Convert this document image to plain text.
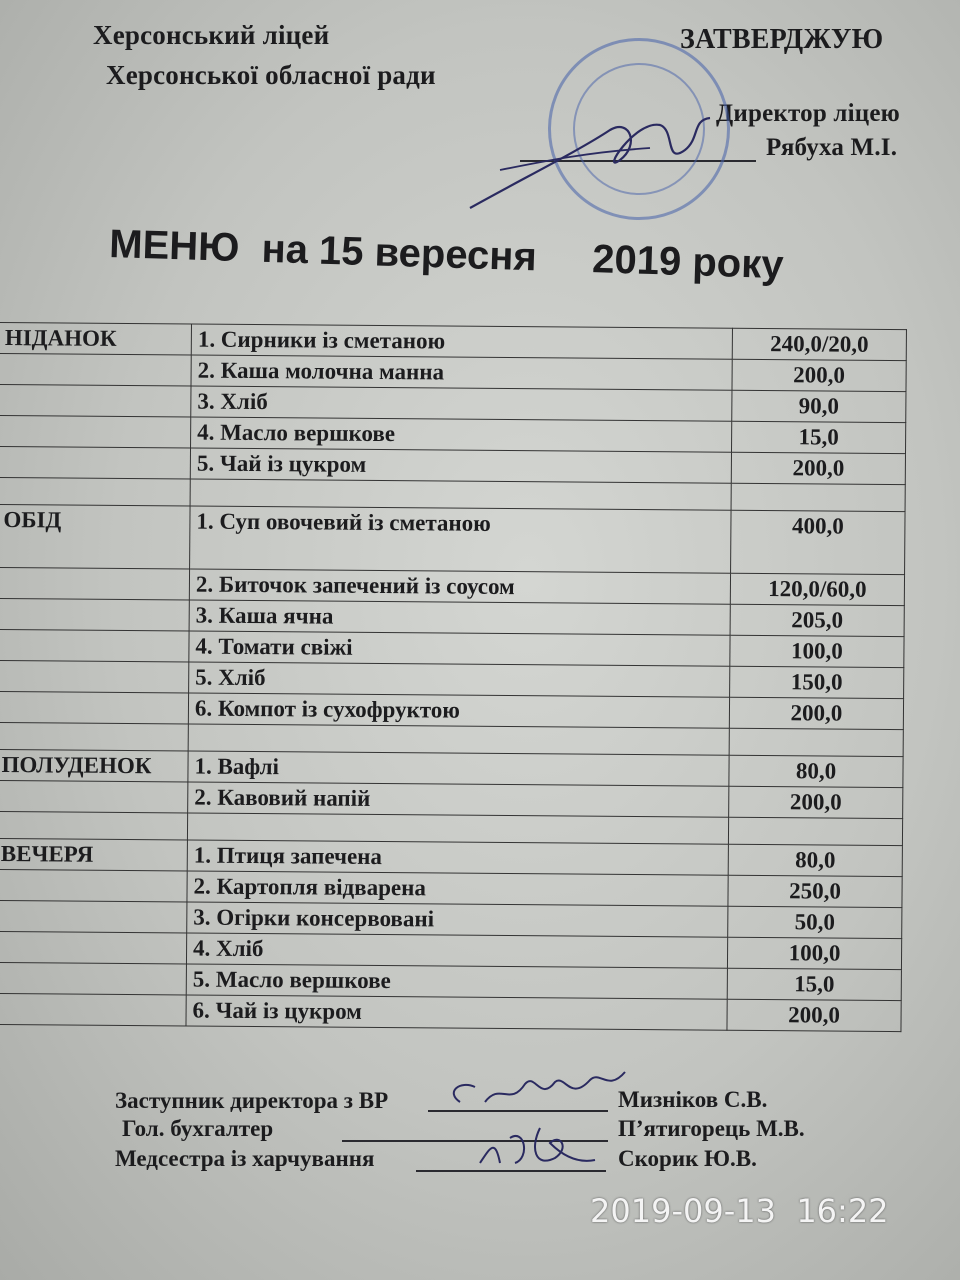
Херсонський ліцей
Херсонської обласної ради
ЗАТВЕРДЖУЮ
Директор ліцею
Рябуха М.І.
МЕНЮ  на 15 вересня     2019 року
НІДАНОК	1. Сирники із сметаною	240,0/20,0
	2. Каша молочна манна	200,0
	3. Хліб	90,0
	4. Масло вершкове	15,0
	5. Чай із цукром	200,0

ОБІД	1. Суп овочевий із сметаною	400,0
	2. Биточок запечений із соусом	120,0/60,0
	3. Каша ячна	205,0
	4. Томати свіжі	100,0
	5. Хліб	150,0
	6. Компот із сухофруктою	200,0

ПОЛУДЕНОК	1. Вафлі	80,0
	2. Кавовий напій	200,0

ВЕЧЕРЯ	1. Птиця запечена	80,0
	2. Картопля відварена	250,0
	3. Огірки консервовані	50,0
	4. Хліб	100,0
	5. Масло вершкове	15,0
	6. Чай із цукром	200,0
Заступник директора з ВР
Гол. бухгалтер
Медсестра із харчування
Мизніков С.В.
П’ятигорець М.В.
Скорик Ю.В.
2019-09-13  16:22
